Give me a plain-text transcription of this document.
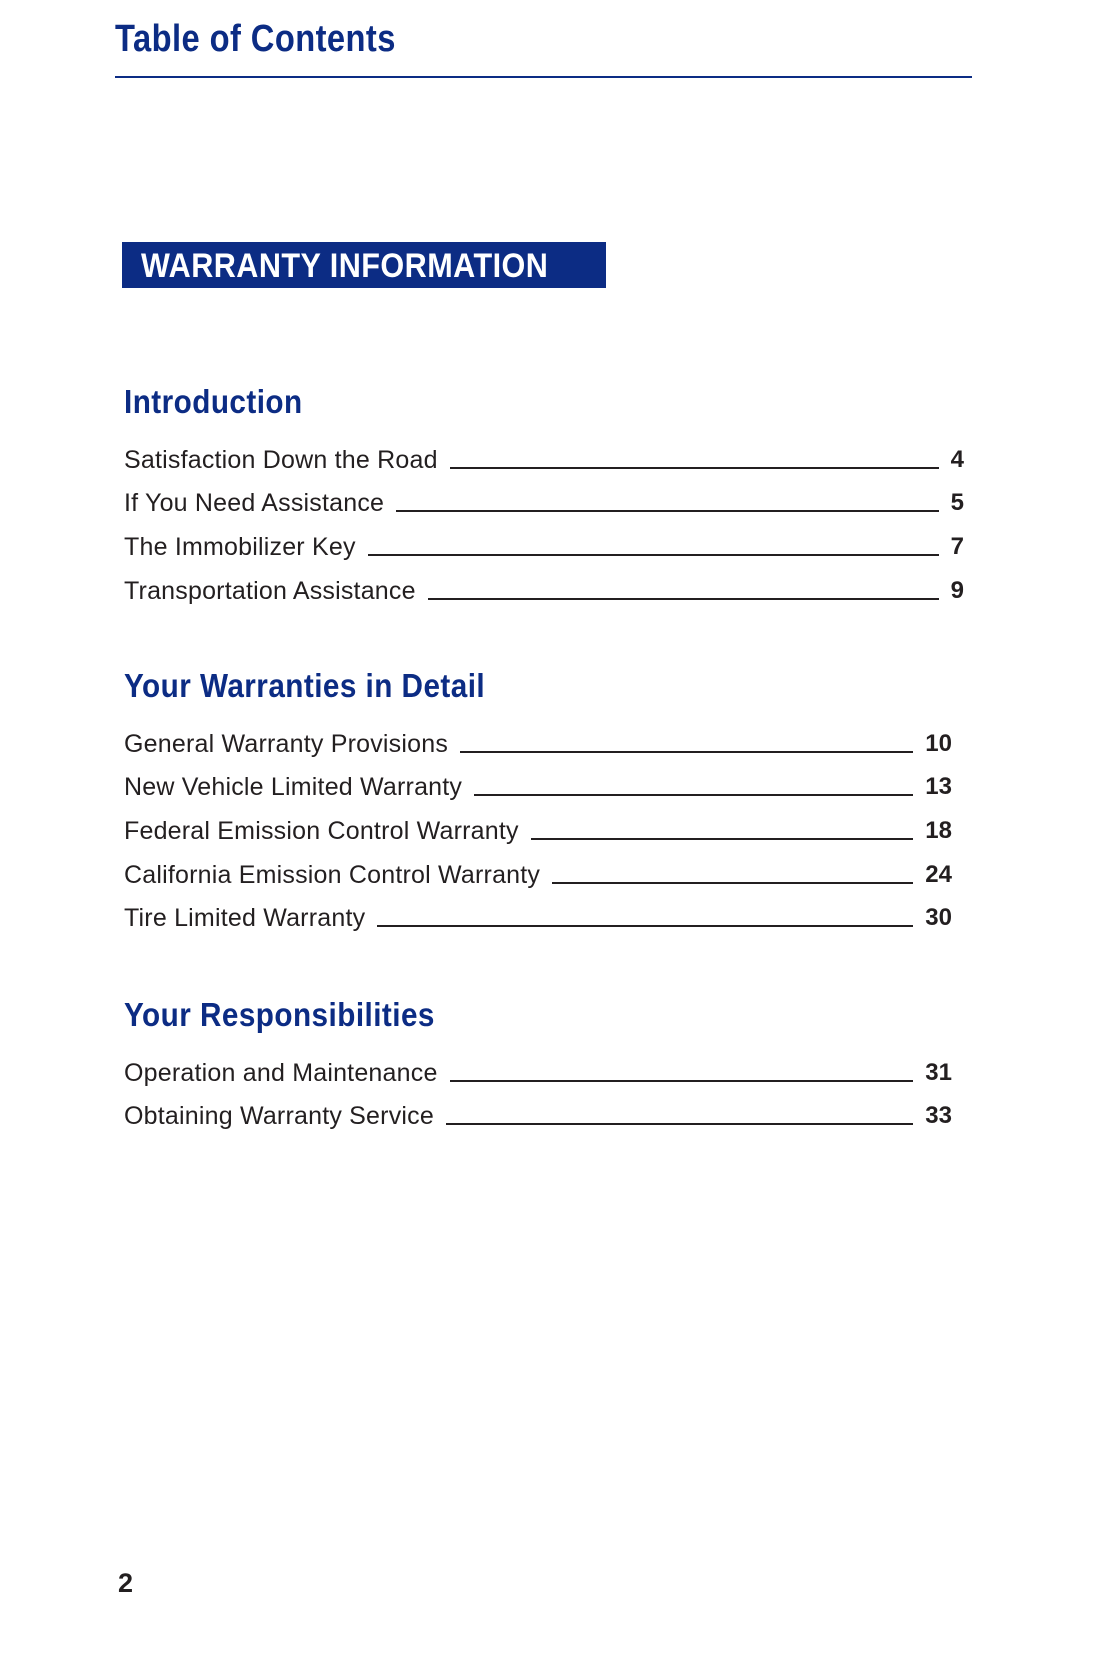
Table of Contents
WARRANTY INFORMATION
Introduction
Satisfaction Down the Road	4
If You Need Assistance	5
The Immobilizer Key	7
Transportation Assistance	9
Your Warranties in Detail
General Warranty Provisions	10
New Vehicle Limited Warranty	13
Federal Emission Control Warranty	18
California Emission Control Warranty	24
Tire Limited Warranty	30
Your Responsibilities
Operation and Maintenance	31
Obtaining Warranty Service	33
2
